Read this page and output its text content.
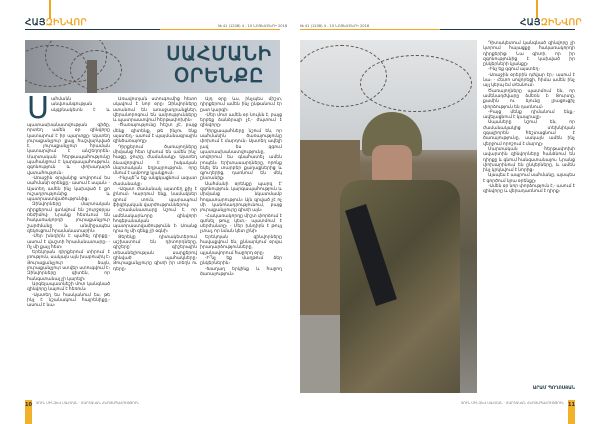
ՀԱՅԶԻՆՎՈՐ	№ 41 (1208) 4 - 10 ՆՈՅԵՄԲԵՐԻ 2018
ՍԱՀՄԱՆԻ
ՕՐԵՆՔԸ
Ս ահմանն անվտանգության սկզբնակետն է և պատասխանատվության գիծը, որտեղ ամեն օր զինվորը կատարում է իր պարտքը։ Այստեղ յուրաքանչյուր քայլ հաշվարկված է, յուրաքանչյուր հրաման կատարվում է անշեղորեն։ Մարտական հերթապահությունը պահանջում է կարգապահություն, զգոնություն և փոխադարձ վստահություն։

-Առաջին օրվանից սովորում ես սահմանի օրենքը,- ասում է սպան։ - Այստեղ ամեն ինչ կախված է քո ուշադրությունից և պատրաստվածությունից։

Զինվորները մարտական դիրքերում գտնվում են շուրջօրյա ռեժիմով։ Նրանք հետևում են հակառակորդի յուրաքանչյուր շարժմանը և անմիջապես զեկուցում հրամանատարին։

-Մեր խնդիրն է պահել դիրքը,- ասում է վաշտի հրամանատարը։ - Ոչ մի քայլ հետ։

Երեկոյան դիրքերում տիրում է լռություն, սակայն այն խաբուսիկ է։ Յուրաքանչյուր ձայն, յուրաքանչյուր ստվեր ստուգվում է։ Զինվորները գիտեն, որ հանգստանալ չի կարելի։

Արգելապատնեշի մոտ կանգնած զինվորը նայում է հեռուն։

-Այստեղ ես հասկանում ես, թե ինչ է նշանակում հայրենիքը,- ասում է նա։

Առավոտյան ստուգումից հետո սկսվում է նոր օրը։ Զինվորները ստանում են առաջադրանքներ, վերանորոգում են ամրությունները և պատրաստվում հերթափոխին։

-Ծառայությունը հեշտ չէ, բայց մենք գիտենք, թե ինչու ենք այստեղ,- ասում է պայմանագրային զինծառայողը։

Դիրքերում ծառայողները միմյանց հետ կիսում են ամեն ինչ՝ հացը, ջուրը, ժամանակը։ Այստեղ ձևավորվում է իսկական մարտական եղբայրություն, որը մնում է ամբողջ կյանքում։

-Ինչպե՞ս եք անցկացնում ազատ ժամանակը։

-Ազատ ժամանակ այստեղ քիչ է լինում։ Կարդում ենք, նամակներ գրում տուն, պարապում ֆիզիկական վարժություններով։

Հրամանատարը նշում է, որ ամենակարևորը զինվորի հոգեբանական պատրաստվածությունն է։ Առանց դրա ոչ մի զենք չի օգնի։

Ցերեկը դիտակետերում աշխատում են դիտորդները, գիշերը՝ գիշերային տեսանելիության սարքերով զինված պահակները։ Յուրաքանչյուրը գիտի իր տեղն ու դերը։

Այդ օրը ևս, ինչպես միշտ, դիրքերում ամեն ինչ ընթանում էր ըստ կարգի։

-Մեր մոտ ամեն օր նույնն է, բայց երբեք ձանձրալի չէ,- ժպտում է զինվորը։

Դիրքապահները նշում են, որ սահմանին ծառայությունը փոխում է մարդուն։ Այստեղ ավելի լավ ես զգում պատասխանատվությունը, սովորում ես գնահատել ամեն րոպեն։ Երիտասարդները, որոնք եկել են տարբեր քաղաքներից և գյուղերից, դառնում են մեկ ընտանիք։

Սահմանի օրենքը պարզ է՝ զգոնություն, կարգապահություն և միմյանց նկատմամբ հոգատարություն։ Այն գրված չէ ոչ մի կանոնադրությունում, բայց յուրաքանչյուրը գիտի այն։

-Հակառակորդը միշտ փորձում է գտնել թույլ կետ,- պատմում է սերժանտը։ - Մեր խնդիրն է թույլ չտալ, որ նման կետ լինի։

Երեկոյան զինվորները հավաքվում են, քննարկում օրվա իրադարձությունները, պլանավորում հաջորդ օրը։

-Ի՞նչ եք մաղթում ձեր ընկերներին։

-Խաղաղ երկինք և հաջող ծառայություն։

№ 41 (1208) 4 - 10 ՆՈՅԵՄԲԵՐԻ 2018	ՀԱՅԶԻՆՎՈՐ

Դիտակետում կանգնած զինվորը չի կտրում հայացքը հակառակորդի դիրքերից։ Նա գիտի, որ իր զգոնությունից է կախված իր ընկերների կյանքը։

-Ինչ եք զգում այստեղ։

-Առաջին օրերին դժվար էր,- ասում է նա։ - Հետո սովորեցի, հիմա ամեն ինչ այլ կերպ եմ տեսնում։

Ծառայողները պատմում են, որ ամենադժվարը ձմեռն է։ Ցուրտը, քամին ու ձյունը լրացուցիչ փորձություն են դառնում։

-Բայց մենք դիմանում ենք,- ավելացնում է կապրալը։

Սպաները նշում են, որ ժամանակակից տեխնիկան զգալիորեն հեշտացնում է ծառայությունը, սակայն ամեն ինչ վերջում որոշում է մարդը։

Մարտական հերթափոխի ավարտին զինվորները հանձնում են դիրքը և գնում հանգստանալու։ Նրանց փոխարինում են ընկերները, և ամեն ինչ կրկնվում է նորից։

Այսպես է ապրում սահմանը, այսպես է գործում նրա օրենքը։

-Ամեն օր նոր փորձություն է,- ասում է զինվորը և վերադառնում է դիրք։

ԱՐԱՄ ՊՈՂՈՍՅԱՆ
10 ՏՈՒՆ ՄԻՆՉԵՎ ՍԱՀՄԱՆ · ՄԱՐՏԱԿԱՆ ՀԵՐԹԱՊԱՀՈՒԹՅՈՒՆ	ՏՈՒՆ ՄԻՆՉԵՎ ՍԱՀՄԱՆ · ՄԱՐՏԱԿԱՆ ՀԵՐԹԱՊԱՀՈՒԹՅՈՒՆ 11
